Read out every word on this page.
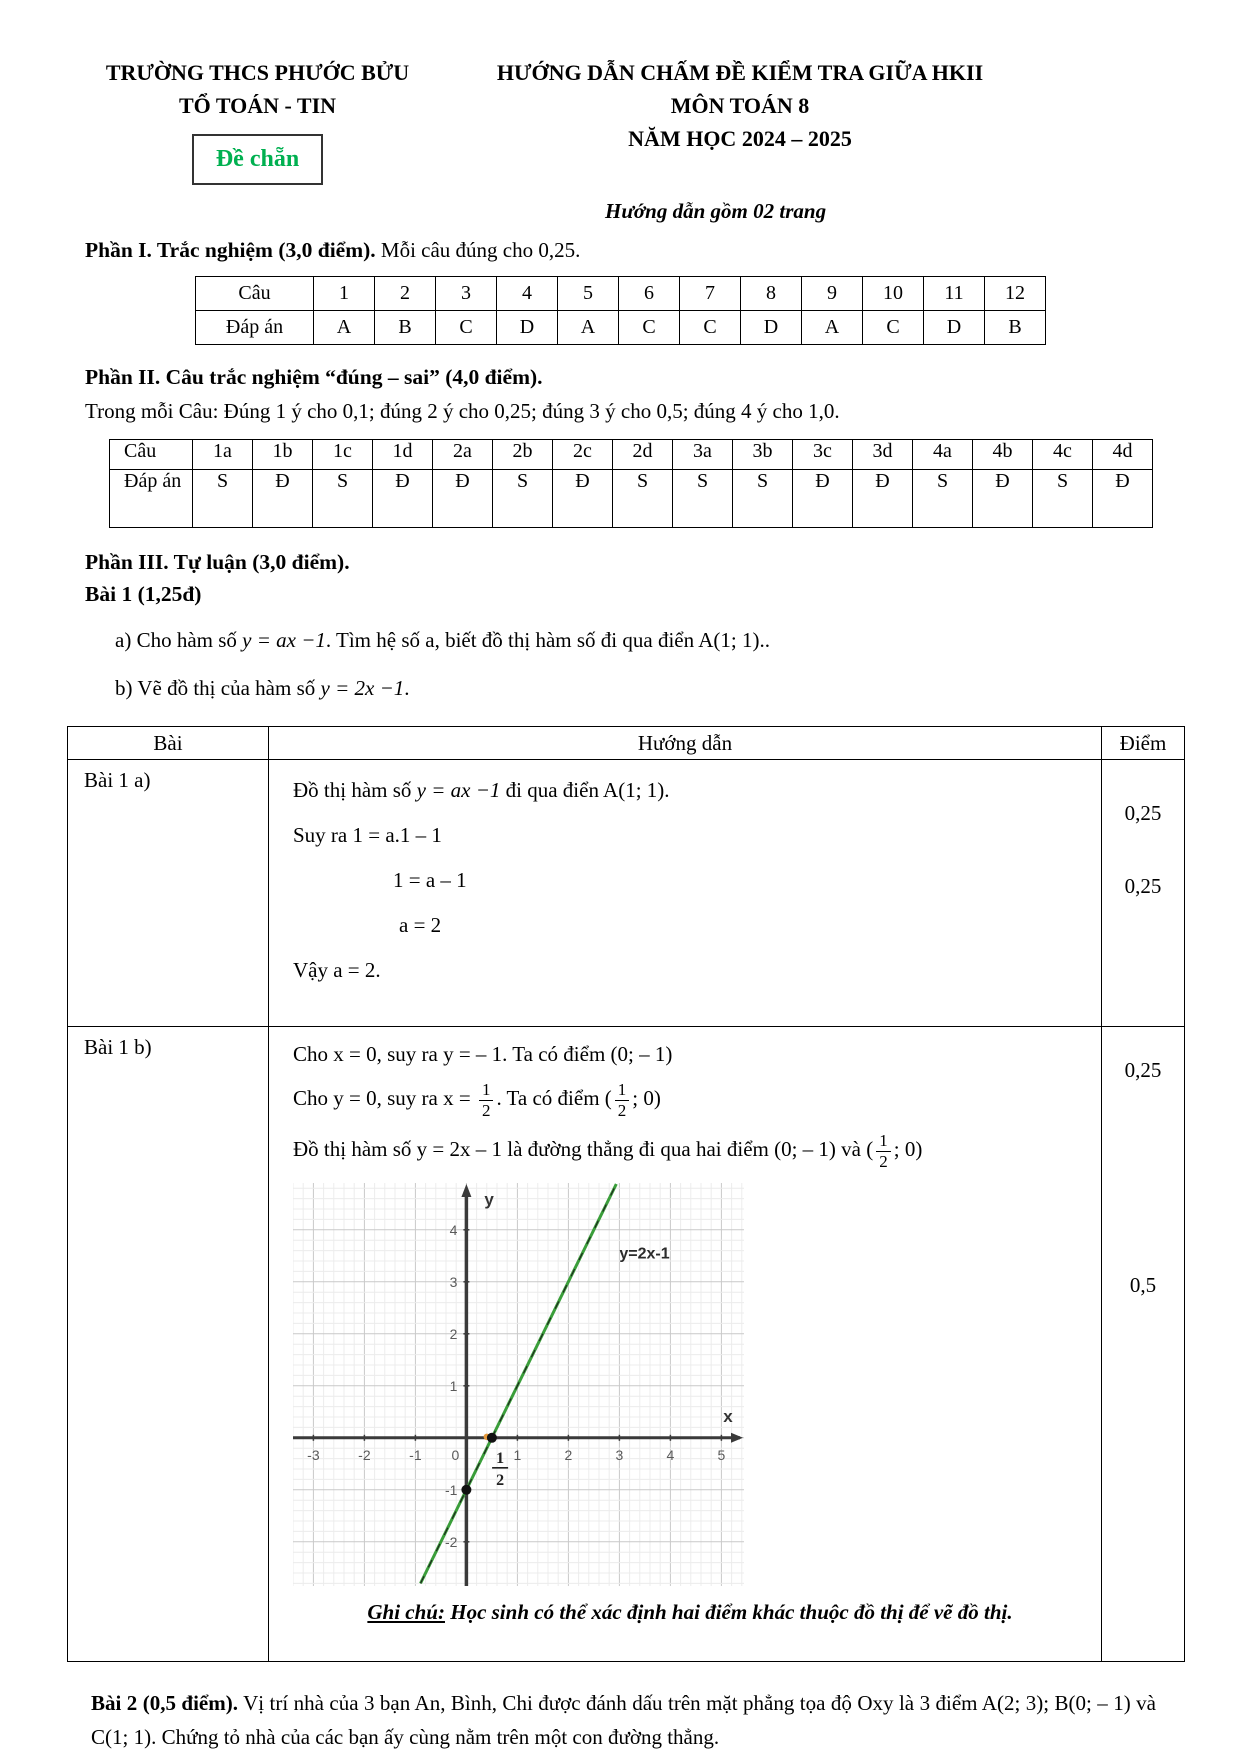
TRƯỜNG THCS PHƯỚC BỬU
TỔ TOÁN - TIN
Đề chẵn
HƯỚNG DẪN CHẤM ĐỀ KIỂM TRA GIỮA HKII
MÔN TOÁN 8
NĂM HỌC 2024 – 2025
Hướng dẫn gồm 02 trang
Phần I. Trắc nghiệm (3,0 điểm). Mỗi câu đúng cho 0,25.
Câu	1	2	3	4	5	6	7	8	9	10	11	12
Đáp án	A	B	C	D	A	C	C	D	A	C	D	B
Phần II. Câu trắc nghiệm “đúng – sai” (4,0 điểm).
Trong mỗi Câu: Đúng 1 ý cho 0,1; đúng 2 ý cho 0,25; đúng 3 ý cho 0,5; đúng 4 ý cho 1,0.
Câu	1a	1b	1c	1d	2a	2b	2c	2d	3a	3b	3c	3d	4a	4b	4c	4d
Đáp án	S	Đ	S	Đ	Đ	S	Đ	S	S	S	Đ	Đ	S	Đ	S	Đ
Phần III. Tự luận (3,0 điểm).
Bài 1 (1,25đ)
a) Cho hàm số y = ax −1. Tìm hệ số a, biết đồ thị hàm số đi qua điển A(1; 1)..
b) Vẽ đồ thị của hàm số y = 2x −1.
Bài	Hướng dẫn	Điểm
Bài 1 a)	Đồ thị hàm số y = ax −1 đi qua điển A(1; 1).
Suy ra 1 = a.1 – 1
1 = a – 1
a = 2
Vậy a = 2.

0,25
0,25

Bài 1 b)	Cho x = 0, suy ra y = – 1. Ta có điểm (0; – 1)
Cho y = 0, suy ra $x = \frac{1}{2}$ . Ta có điểm ( $\frac{1}{2}$ ; 0)
Đồ thị hàm số y = 2x – 1 là đường thẳng đi qua hai điểm (0; – 1) và ( $\frac{1}{2}$ ; 0)
-3	-2	-1 0	1	2	3	4	5
-2
-1
1
2
3
4
y
x
y=2x-1
1
2
Ghi chú: Học sinh có thể xác định hai điểm khác thuộc đồ thị để vẽ đồ thị.

0,25
0,5
Bài 2 (0,5 điểm). Vị trí nhà của 3 bạn An, Bình, Chi được đánh dấu trên mặt phẳng tọa độ Oxy là 3 điểm A(2; 3); B(0; – 1) và C(1; 1). Chứng tỏ nhà của các bạn ấy cùng nằm trên một con đường thẳng.
